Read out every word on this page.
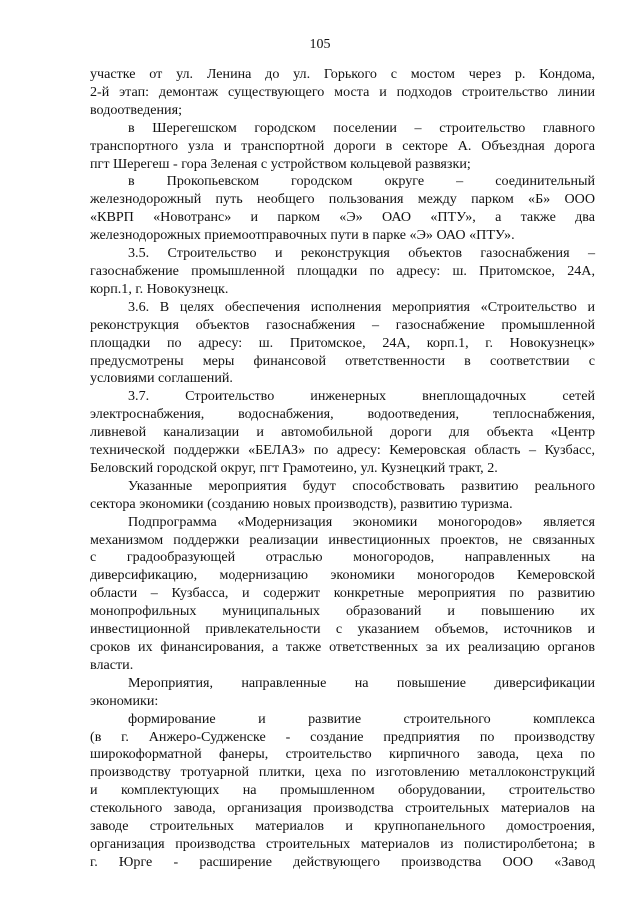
105

участке от ул. Ленина до ул. Горького с мостом через р. Кондома,

2-й этап: демонтаж существующего моста и подходов строительство линии

водоотведения;

в Шерегешском городском поселении – строительство главного

транспортного узла и транспортной дороги в секторе А. Объездная дорога

пгт Шерегеш - гора Зеленая с устройством кольцевой развязки;

в Прокопьевском городском округе – соединительный

железнодорожный путь необщего пользования между парком «Б» ООО

«КВРП «Новотранс» и парком «Э» ОАО «ПТУ», а также два

железнодорожных приемоотправочных пути в парке «Э» ОАО «ПТУ».

3.5. Строительство и реконструкция объектов газоснабжения –

газоснабжение промышленной площадки по адресу: ш. Притомское, 24А,

корп.1, г. Новокузнецк.

3.6. В целях обеспечения исполнения мероприятия «Строительство и

реконструкция объектов газоснабжения – газоснабжение промышленной

площадки по адресу: ш. Притомское, 24А, корп.1, г. Новокузнецк»

предусмотрены меры финансовой ответственности в соответствии с

условиями соглашений.

3.7. Строительство инженерных внеплощадочных сетей

электроснабжения, водоснабжения, водоотведения, теплоснабжения,

ливневой канализации и автомобильной дороги для объекта «Центр

технической поддержки «БЕЛАЗ» по адресу: Кемеровская область – Кузбасс,

Беловский городской округ, пгт Грамотеино, ул. Кузнецкий тракт, 2.

Указанные мероприятия будут способствовать развитию реального

сектора экономики (созданию новых производств), развитию туризма.

Подпрограмма «Модернизация экономики моногородов» является

механизмом поддержки реализации инвестиционных проектов, не связанных

с градообразующей отраслью моногородов, направленных на

диверсификацию, модернизацию экономики моногородов Кемеровской

области – Кузбасса, и содержит конкретные мероприятия по развитию

монопрофильных муниципальных образований и повышению их

инвестиционной привлекательности с указанием объемов, источников и

сроков их финансирования, а также ответственных за их реализацию органов

власти.

Мероприятия, направленные на повышение диверсификации

экономики:

формирование и развитие строительного комплекса

(в г. Анжеро-Судженске - создание предприятия по производству

широкоформатной фанеры, строительство кирпичного завода, цеха по

производству тротуарной плитки, цеха по изготовлению металлоконструкций

и комплектующих на промышленном оборудовании, строительство

стекольного завода, организация производства строительных материалов на

заводе строительных материалов и крупнопанельного домостроения,

организация производства строительных материалов из полистиролбетона; в

г. Юрге - расширение действующего производства ООО «Завод
